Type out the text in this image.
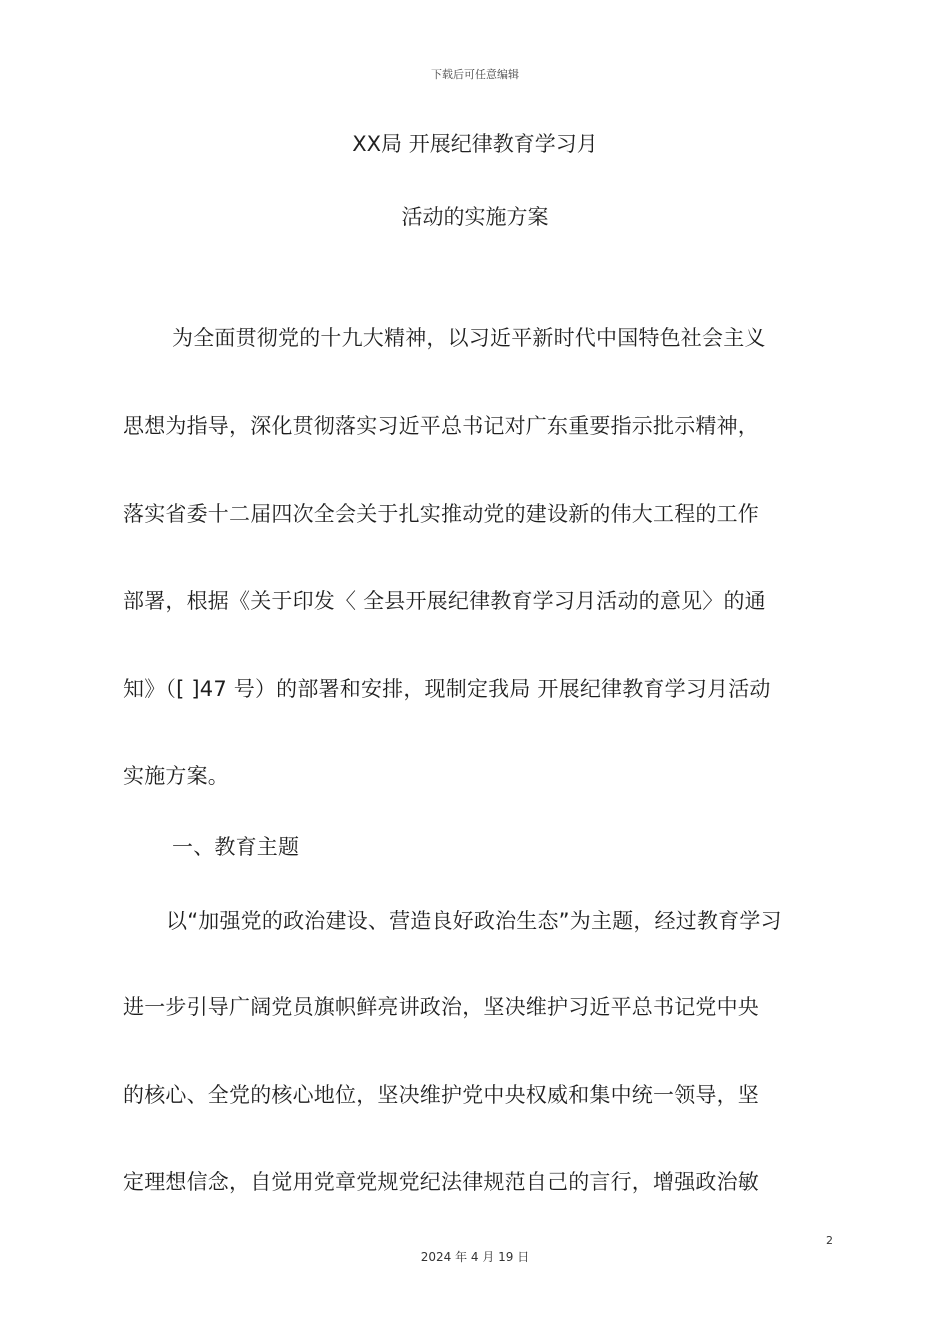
下载后可任意编辑
XX局 开展纪律教育学习月
活动的实施方案

为全面贯彻党的十九大精神，以习近平新时代中国特色社会主义

思想为指导，深化贯彻落实习近平总书记对广东重要指示批示精神，

落实省委十二届四次全会关于扎实推动党的建设新的伟大工程的工作

部署，根据《关于印发〈 全县开展纪律教育学习月活动的意见〉的通

知》（[ ]47 号）的部署和安排，现制定我局 开展纪律教育学习月活动

实施方案。

一、教育主题

以“加强党的政治建设、营造良好政治生态”为主题，经过教育学习

进一步引导广阔党员旗帜鲜亮讲政治，坚决维护习近平总书记党中央

的核心、全党的核心地位，坚决维护党中央权威和集中统一领导，坚

定理想信念，自觉用党章党规党纪法律规范自己的言行，增强政治敏

2
2024 年 4 月 19 日
